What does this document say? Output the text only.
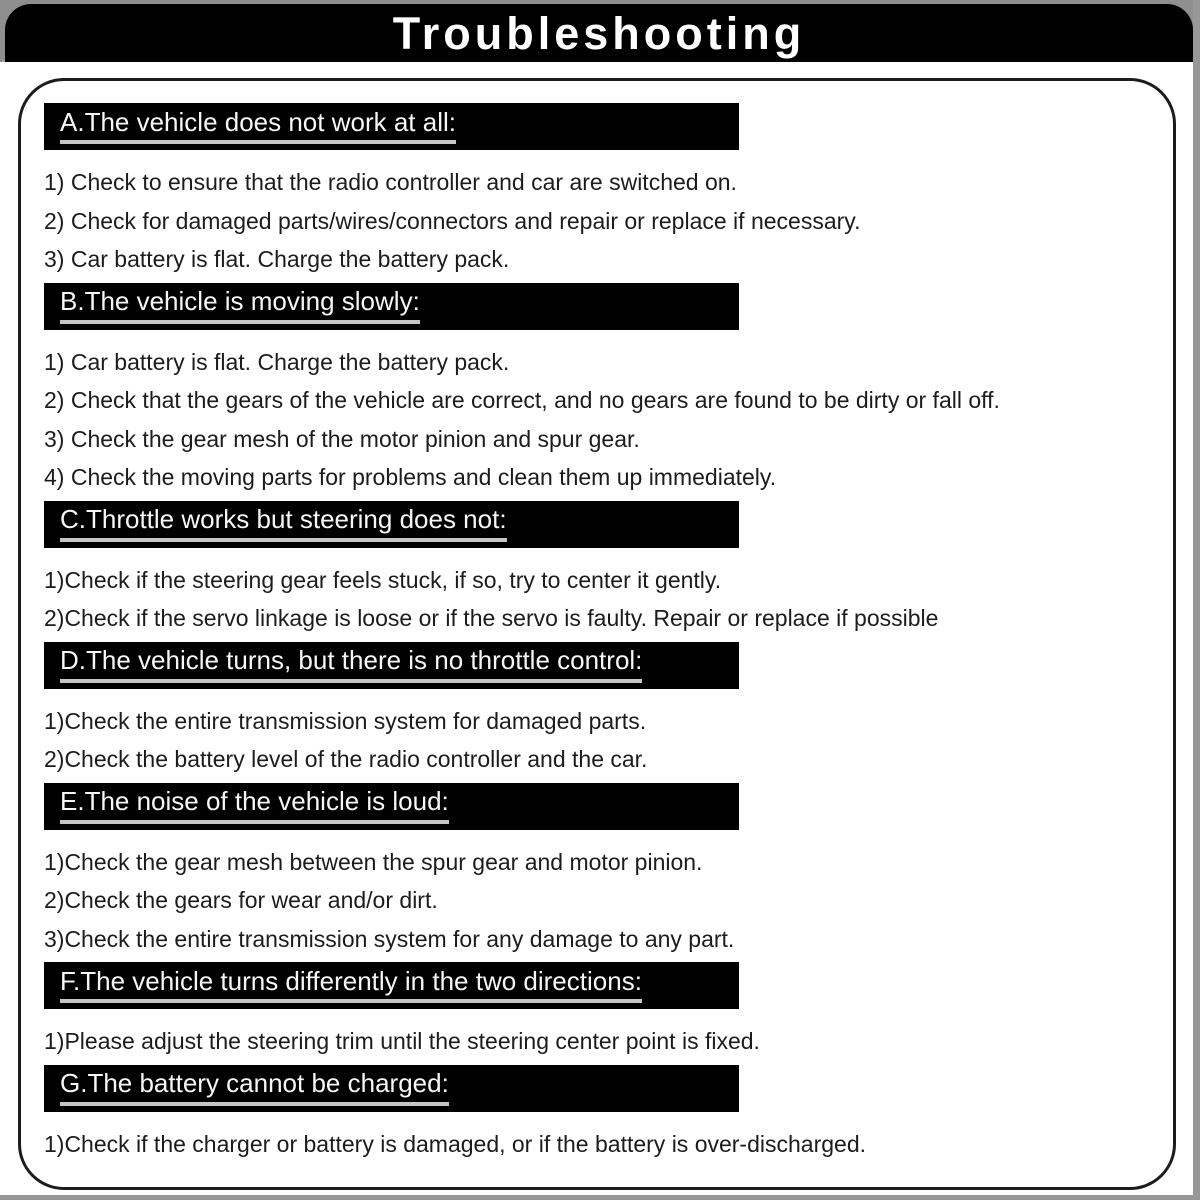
Troubleshooting
A.The vehicle does not work at all:
1) Check to ensure that the radio controller and car are switched on.
2) Check for damaged parts/wires/connectors and repair or replace if necessary.
3) Car battery is flat. Charge the battery pack.
B.The vehicle is moving slowly:
1) Car battery is flat. Charge the battery pack.
2) Check that the gears of the vehicle are correct, and no gears are found to be dirty or fall off.
3) Check the gear mesh of the motor pinion and spur gear.
4) Check the moving parts for problems and clean them up immediately.
C.Throttle works but steering does not:
1)Check if the steering gear feels stuck, if so, try to center it gently.
2)Check if the servo linkage is loose or if the servo is faulty. Repair or replace if possible
D.The vehicle turns, but there is no throttle control:
1)Check the entire transmission system for damaged parts.
2)Check the battery level of the radio controller and the car.
E.The noise of the vehicle is loud:
1)Check the gear mesh between the spur gear and motor pinion.
2)Check the gears for wear and/or dirt.
3)Check the entire transmission system for any damage to any part.
F.The vehicle turns differently in the two directions:
1)Please adjust the steering trim until the steering center point is fixed.
G.The battery cannot be charged:
1)Check if the charger or battery is damaged, or if the battery is over-discharged.
